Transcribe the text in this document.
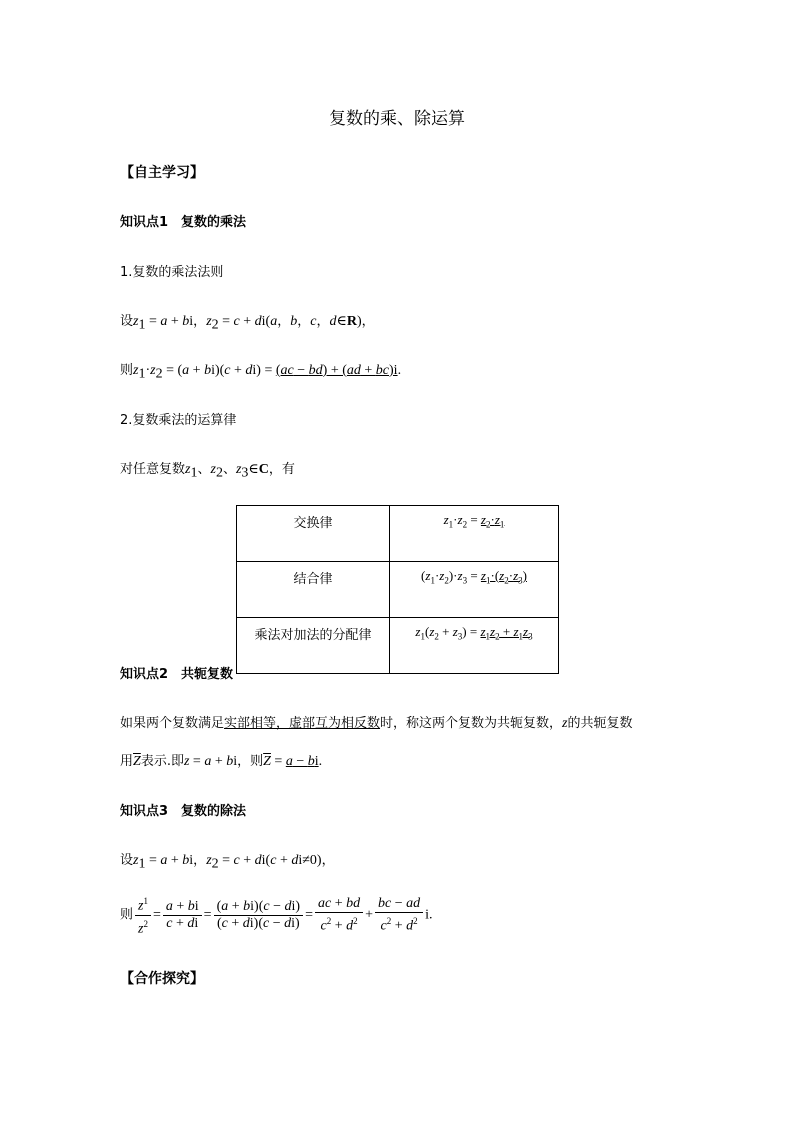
复数的乘、除运算
【自主学习】
知识点1　复数的乘法
1.复数的乘法法则
设$z_1 = a$ + bi，$z_2 = c + di(a$，b，c，d∈R)，
则$z_1\cdot z_2 = (a + bi)(c + di) = (ac - bd) + (ad + bc)i$.
2.复数乘法的运算律
对任意复数$z_1$、$z_2$、$z_3\in C$，有
交换律	$z_1\cdot z_2 = z_2\cdot z_1$
结合律	$(z_1\cdot z_2)\cdot z_3 = z_1\cdot(z_2\cdot z_3)$
乘法对加法的分配律	$z_1(z_2 + z_3) = z_1z_2 + z_1z_3$
知识点2　共轭复数
如果两个复数满足实部相等，虚部互为相反数时，称这两个复数为共轭复数，z的共轭复数
用$\overline{Z}$表示.即z = a + bi，则$\overline{Z} = a$ − bi.
知识点3　复数的除法
设$z_1 = a$ + bi，$z_2 = c + di(c + di\ne 0)$，
则 $\frac{z^1}{z^2} = \frac{a + bi}{c + di} = \frac{(a + bi)(c - di)}{(c + di)(c - di)} = \frac{ac + bd}{c^2 + d^2} + \frac{bc - ad}{c^2 + d^2} i$.
【合作探究】
